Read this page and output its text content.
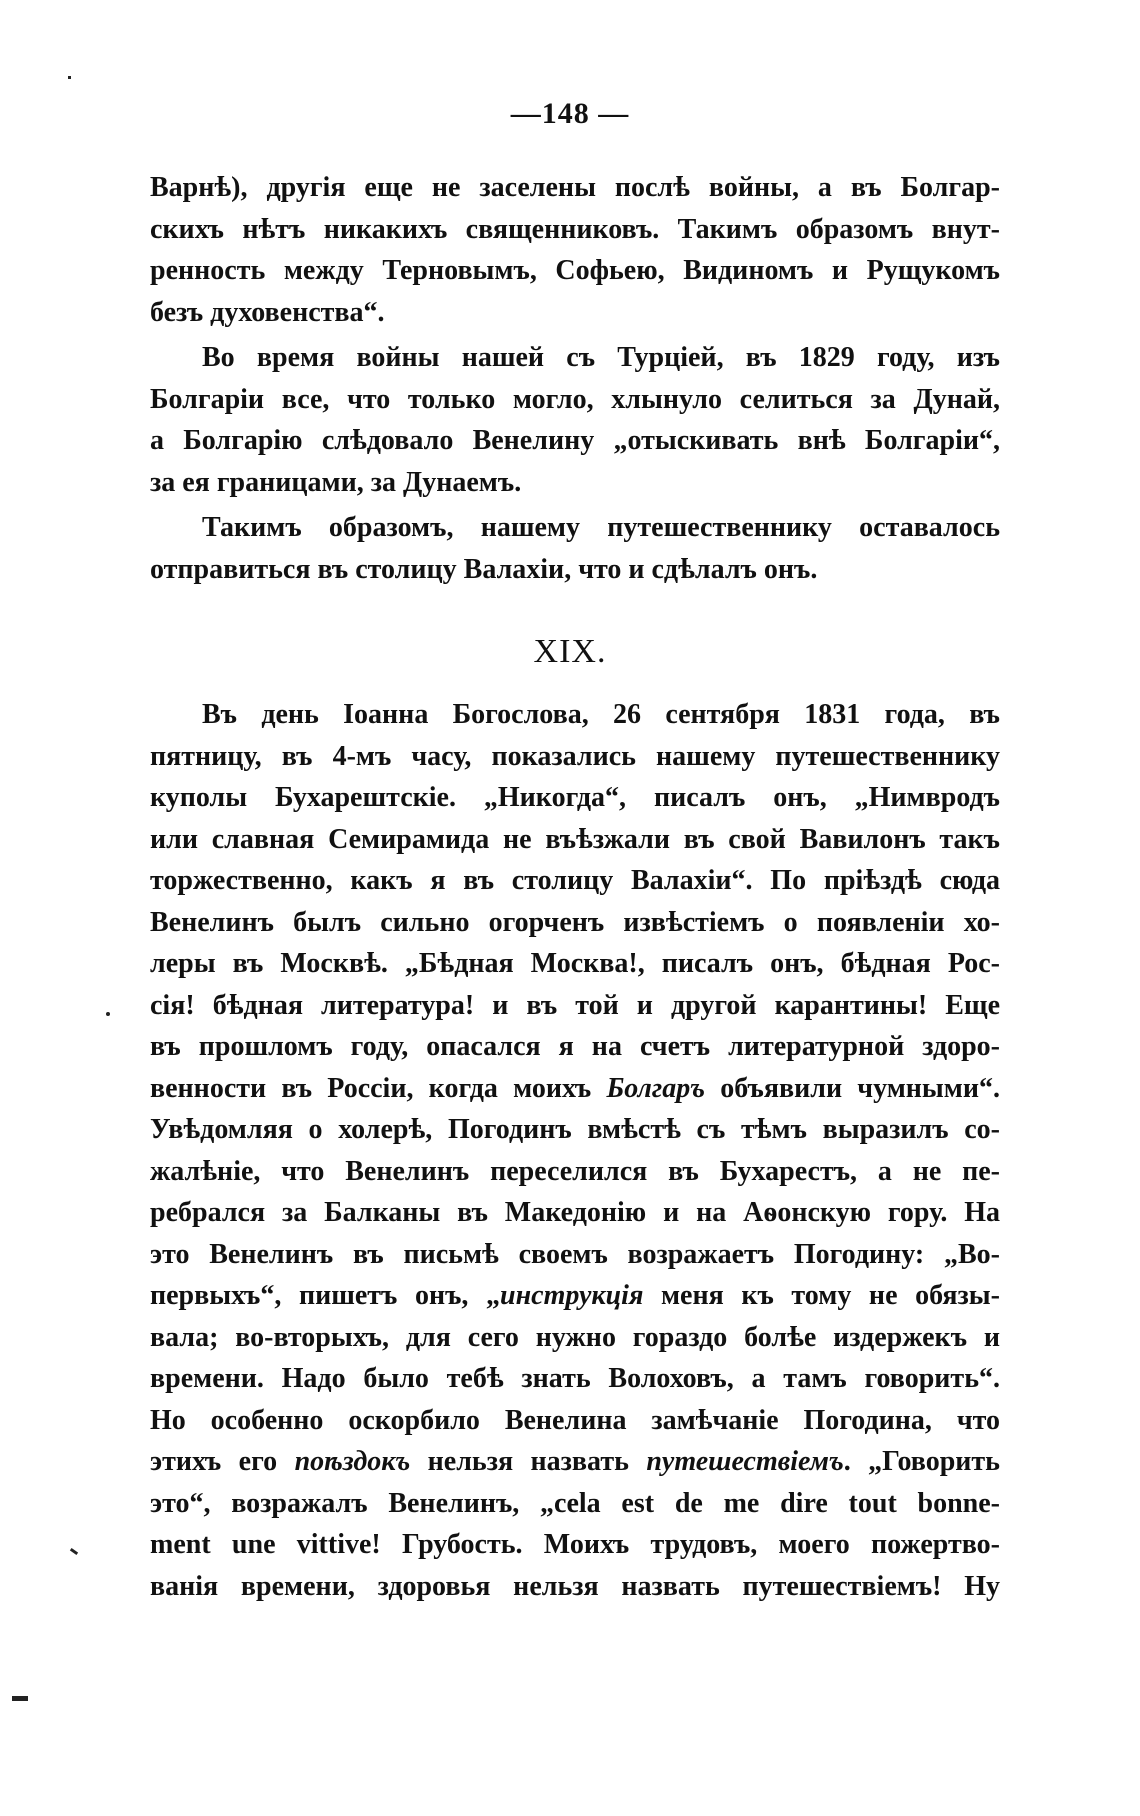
—148 —
Варнѣ), другія еще не заселены послѣ войны, а въ Болгар-
скихъ нѣтъ никакихъ священниковъ. Такимъ образомъ внут-
ренность между Терновымъ, Софьею, Видиномъ и Рущукомъ
безъ духовенства“.
Во время войны нашей съ Турціей, въ 1829 году, изъ
Болгаріи все, что только могло, хлынуло селиться за Дунай,
а Болгарію слѣдовало Венелину „отыскивать внѣ Болгаріи“,
за ея границами, за Дунаемъ.
Такимъ образомъ, нашему путешественнику оставалось
отправиться въ столицу Валахіи, что и сдѣлалъ онъ.
XIX.
Въ день Іоанна Богослова, 26 сентября 1831 года, въ
пятницу, въ 4-мъ часу, показались нашему путешественнику
куполы Бухарештскіе. „Никогда“, писалъ онъ, „Нимвродъ
или славная Семирамида не въѣзжали въ свой Вавилонъ такъ
торжественно, какъ я въ столицу Валахіи“. По пріѣздѣ сюда
Венелинъ былъ сильно огорченъ извѣстіемъ о появленіи хо-
леры въ Москвѣ. „Бѣдная Москва!, писалъ онъ, бѣдная Рос-
сія! бѣдная литература! и въ той и другой карантины! Еще
въ прошломъ году, опасался я на счетъ литературной здоро-
венности въ Россіи, когда моихъ Болгаръ объявили чумными“.
Увѣдомляя о холерѣ, Погодинъ вмѣстѣ съ тѣмъ выразилъ со-
жалѣніе, что Венелинъ переселился въ Бухарестъ, а не пе-
ребрался за Балканы въ Македонію и на Аѳонскую гору. На
это Венелинъ въ письмѣ своемъ возражаетъ Погодину: „Во-
первыхъ“, пишетъ онъ, „инструкція меня къ тому не обязы-
вала; во-вторыхъ, для сего нужно гораздо болѣе издержекъ и
времени. Надо было тебѣ знать Волоховъ, а тамъ говорить“.
Но особенно оскорбило Венелина замѣчаніе Погодина, что
этихъ его поѣздокъ нельзя назвать путешествіемъ. „Говорить
это“, возражалъ Венелинъ, „cela est de me dire tout bonne-
ment une vittive! Грубость. Моихъ трудовъ, моего пожертво-
ванія времени, здоровья нельзя назвать путешествіемъ! Ну
